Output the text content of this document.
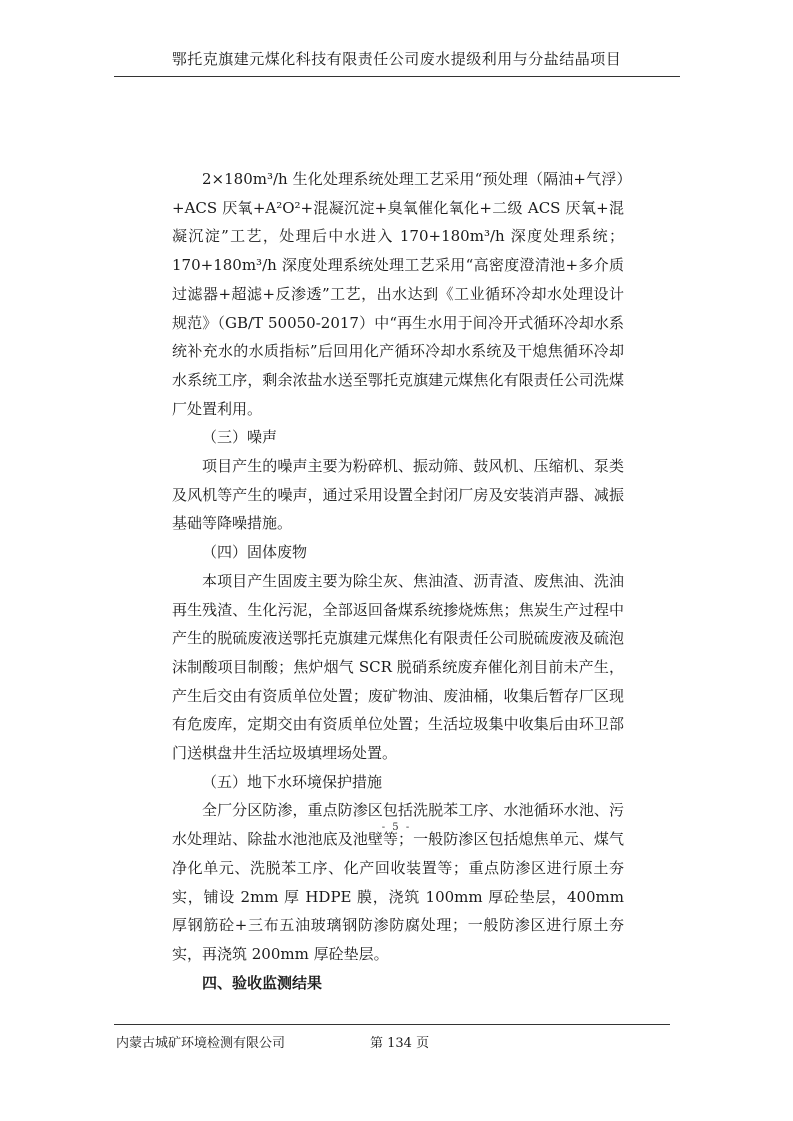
鄂托克旗建元煤化科技有限责任公司废水提级利用与分盐结晶项目

2×180m³/h 生化处理系统处理工艺采用“预处理（隔油+气浮）+ACS 厌氧+A²O²+混凝沉淀+臭氧催化氧化+二级 ACS 厌氧+混凝沉淀”工艺，处理后中水进入 170+180m³/h 深度处理系统；170+180m³/h 深度处理系统处理工艺采用“高密度澄清池+多介质过滤器+超滤+反渗透”工艺，出水达到《工业循环冷却水处理设计规范》（GB/T 50050-2017）中“再生水用于间冷开式循环冷却水系统补充水的水质指标”后回用化产循环冷却水系统及干熄焦循环冷却水系统工序，剩余浓盐水送至鄂托克旗建元煤焦化有限责任公司洗煤厂处置利用。

（三）噪声

项目产生的噪声主要为粉碎机、振动筛、鼓风机、压缩机、泵类及风机等产生的噪声，通过采用设置全封闭厂房及安装消声器、减振基础等降噪措施。

（四）固体废物

本项目产生固废主要为除尘灰、焦油渣、沥青渣、废焦油、洗油再生残渣、生化污泥，全部返回备煤系统掺烧炼焦；焦炭生产过程中产生的脱硫废液送鄂托克旗建元煤焦化有限责任公司脱硫废液及硫泡沫制酸项目制酸；焦炉烟气 SCR 脱硝系统废弃催化剂目前未产生，产生后交由有资质单位处置；废矿物油、废油桶，收集后暂存厂区现有危废库，定期交由有资质单位处置；生活垃圾集中收集后由环卫部门送棋盘井生活垃圾填埋场处置。

（五）地下水环境保护措施

全厂分区防渗，重点防渗区包括洗脱苯工序、水池循环水池、污水处理站、除盐水池池底及池壁等；一般防渗区包括熄焦单元、煤气净化单元、洗脱苯工序、化产回收装置等；重点防渗区进行原土夯实，铺设 2mm 厚 HDPE 膜，浇筑 100mm 厚砼垫层，400mm 厚钢筋砼+三布五油玻璃钢防渗防腐处理；一般防渗区进行原土夯实，再浇筑 200mm 厚砼垫层。

四、验收监测结果

- 5 -
内蒙古城矿环境检测有限公司	第 134 页
